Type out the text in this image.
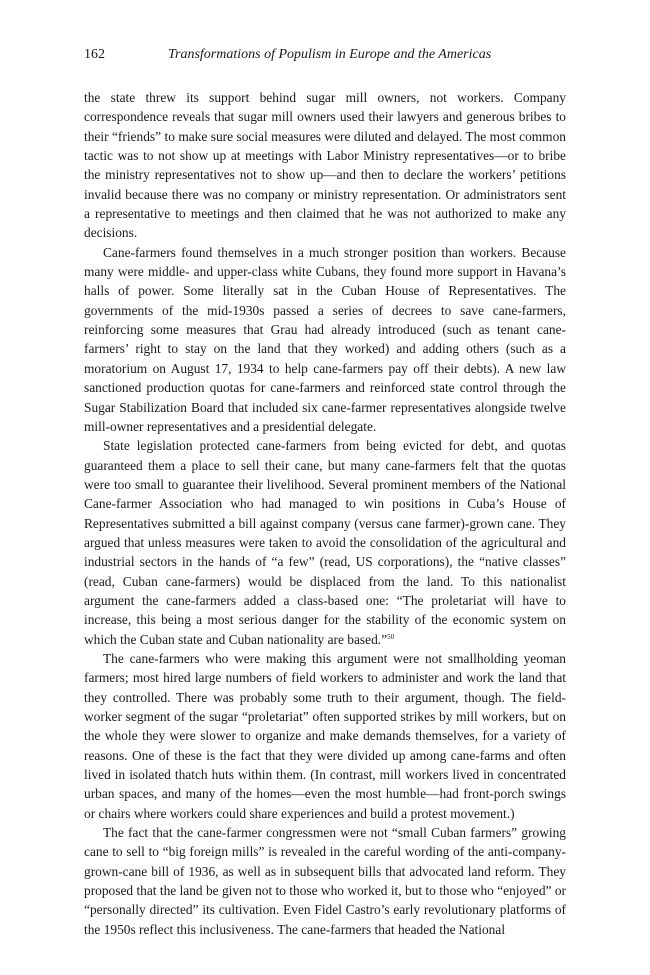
162	Transformations of Populism in Europe and the Americas

the state threw its support behind sugar mill owners, not workers. Company correspondence reveals that sugar mill owners used their lawyers and generous bribes to their “friends” to make sure social measures were diluted and delayed. The most common tactic was to not show up at meetings with Labor Ministry representatives—or to bribe the ministry representatives not to show up—and then to declare the workers’ petitions invalid because there was no company or ministry representation. Or administrators sent a representative to meetings and then claimed that he was not authorized to make any decisions.

Cane-farmers found themselves in a much stronger position than workers. Because many were middle- and upper-class white Cubans, they found more support in Havana’s halls of power. Some literally sat in the Cuban House of Representatives. The governments of the mid-1930s passed a series of decrees to save cane-farmers, reinforcing some measures that Grau had already introduced (such as tenant cane-farmers’ right to stay on the land that they worked) and adding others (such as a moratorium on August 17, 1934 to help cane-farmers pay off their debts). A new law sanctioned production quotas for cane-farmers and reinforced state control through the Sugar Stabilization Board that included six cane-farmer representatives alongside twelve mill-owner representatives and a presidential delegate.

State legislation protected cane-farmers from being evicted for debt, and quotas guaranteed them a place to sell their cane, but many cane-farmers felt that the quotas were too small to guarantee their livelihood. Several prominent members of the National Cane-farmer Association who had managed to win positions in Cuba’s House of Representatives submitted a bill against company (versus cane farmer)-grown cane. They argued that unless measures were taken to avoid the consolidation of the agricultural and industrial sectors in the hands of “a few” (read, US corporations), the “native classes” (read, Cuban cane-farmers) would be displaced from the land. To this nationalist argument the cane-farmers added a class-based one: “The proletariat will have to increase, this being a most serious danger for the stability of the economic system on which the Cuban state and Cuban nationality are based.”$^{50}$

The cane-farmers who were making this argument were not smallholding yeoman farmers; most hired large numbers of field workers to administer and work the land that they controlled. There was probably some truth to their argument, though. The field-worker segment of the sugar “proletariat” often supported strikes by mill workers, but on the whole they were slower to organize and make demands themselves, for a variety of reasons. One of these is the fact that they were divided up among cane-farms and often lived in isolated thatch huts within them. (In contrast, mill workers lived in concentrated urban spaces, and many of the homes—even the most humble—had front-porch swings or chairs where workers could share experiences and build a protest movement.)

The fact that the cane-farmer congressmen were not “small Cuban farmers” growing cane to sell to “big foreign mills” is revealed in the careful wording of the anti-company-grown-cane bill of 1936, as well as in subsequent bills that advocated land reform. They proposed that the land be given not to those who worked it, but to those who “enjoyed” or “personally directed” its cultivation. Even Fidel Castro’s early revolutionary platforms of the 1950s reflect this inclusiveness. The cane-farmers that headed the National
